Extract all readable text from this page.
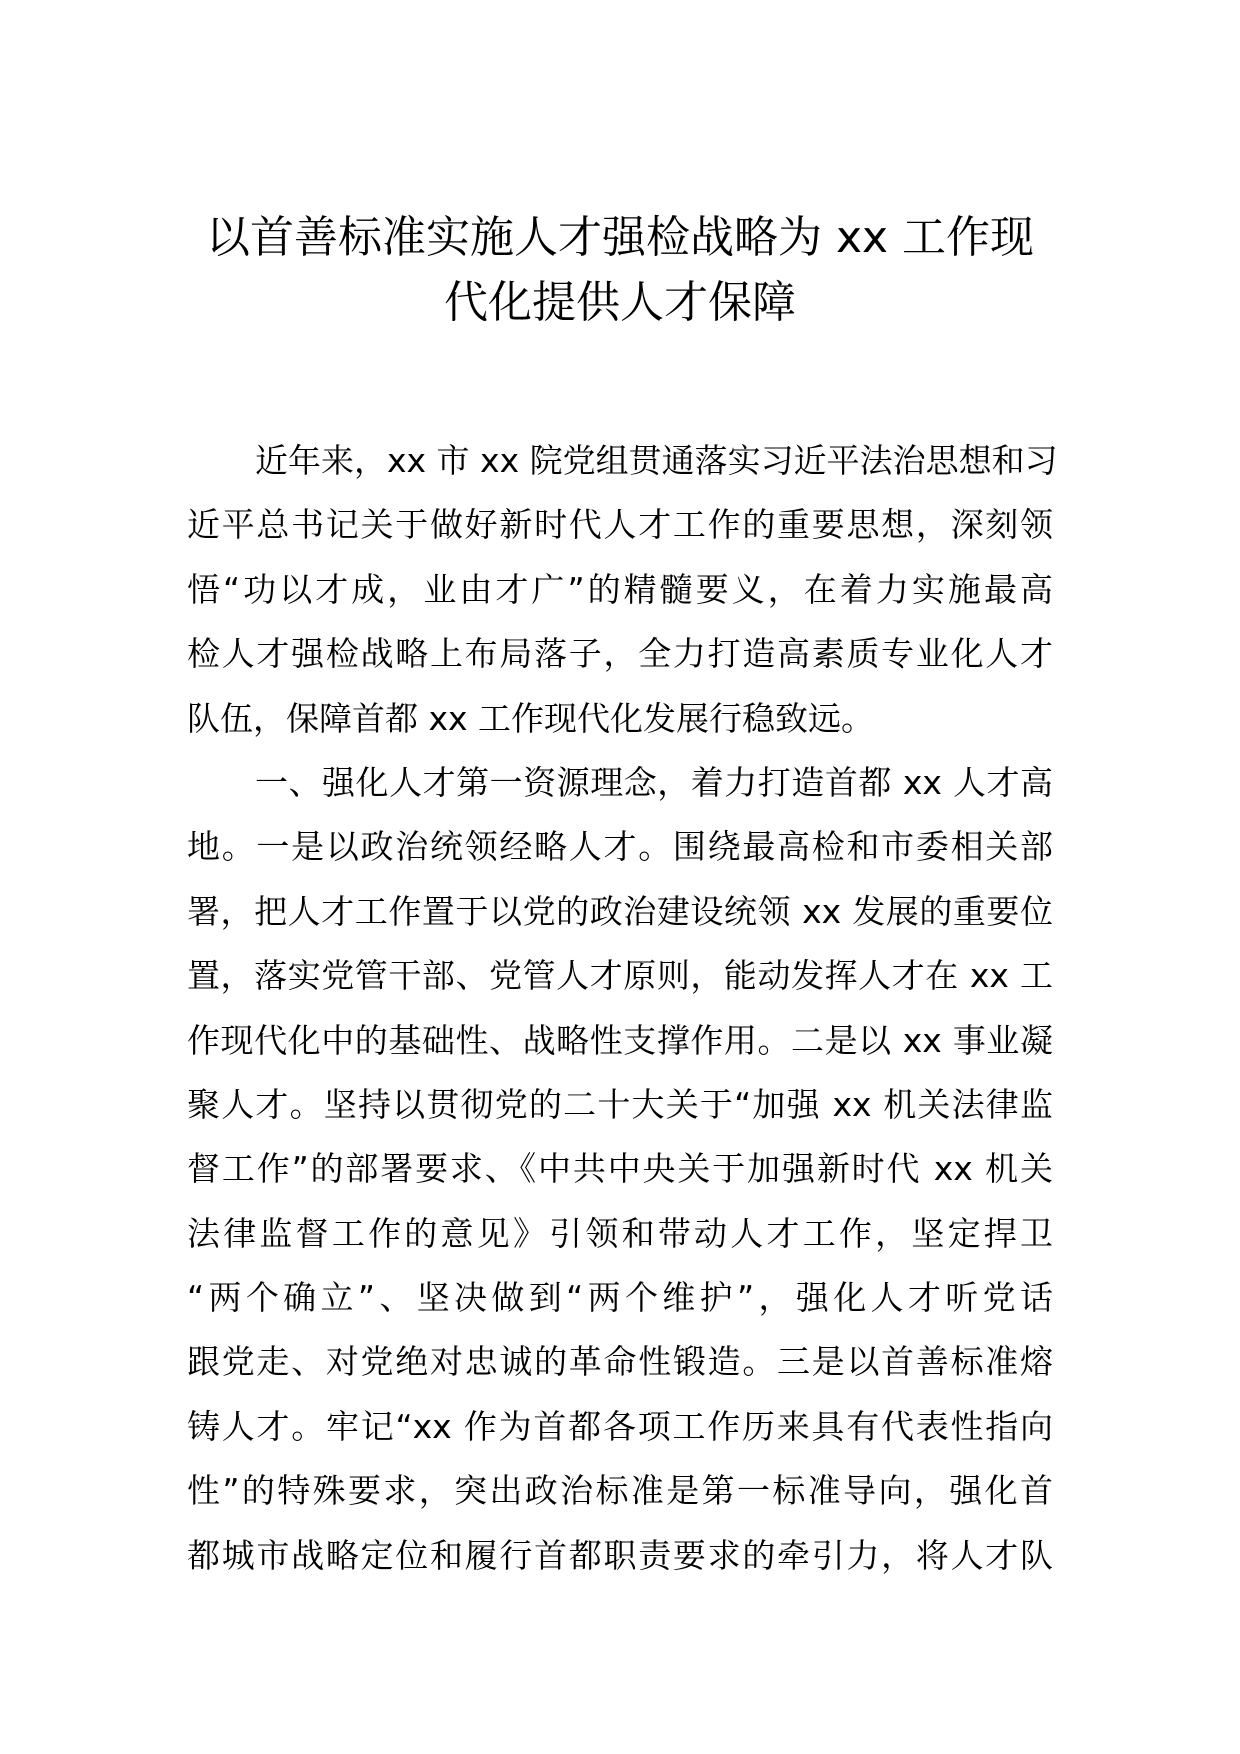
以首善标准实施人才强检战略为 xx 工作现
代化提供人才保障
近年来，xx 市 xx 院党组贯通落实习近平法治思想和习
近平总书记关于做好新时代人才工作的重要思想，深刻领
悟“功以才成，业由才广”的精髓要义，在着力实施最高
检人才强检战略上布局落子，全力打造高素质专业化人才
队伍，保障首都 xx 工作现代化发展行稳致远。
一、强化人才第一资源理念，着力打造首都 xx 人才高
地。一是以政治统领经略人才。围绕最高检和市委相关部
署，把人才工作置于以党的政治建设统领 xx 发展的重要位
置，落实党管干部、党管人才原则，能动发挥人才在 xx 工
作现代化中的基础性、战略性支撑作用。二是以 xx 事业凝
聚人才。坚持以贯彻党的二十大关于“加强 xx 机关法律监
督工作”的部署要求、《中共中央关于加强新时代 xx 机关
法律监督工作的意见》引领和带动人才工作，坚定捍卫
“两个确立”、坚决做到“两个维护”，强化人才听党话
跟党走、对党绝对忠诚的革命性锻造。三是以首善标准熔
铸人才。牢记“xx 作为首都各项工作历来具有代表性指向
性”的特殊要求，突出政治标准是第一标准导向，强化首
都城市战略定位和履行首都职责要求的牵引力，将人才队
